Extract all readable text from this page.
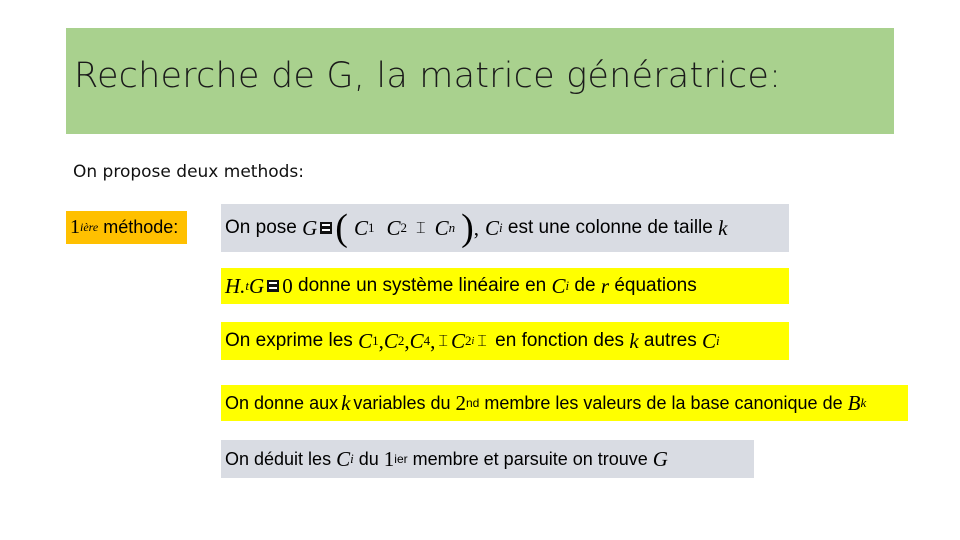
Recherche de G, la matrice génératrice:
On propose deux methods:
1 ière
méthode: On pose
G ( C 1 C 2 ⌶ C n ) , C i
est une colonne de taille
k
H. t G 0
donne un système linéaire en
C i
de
r
équations
On exprime les
C 1 , C 2 , C 4 , ⌶ C 2 i ⌶
en fonction des
k
autres
C i
On donne aux k variables du
2 nd
membre les valeurs de la base canonique de
B k
On déduit les
C i
du
1 ier
membre et parsuite on trouve
G
